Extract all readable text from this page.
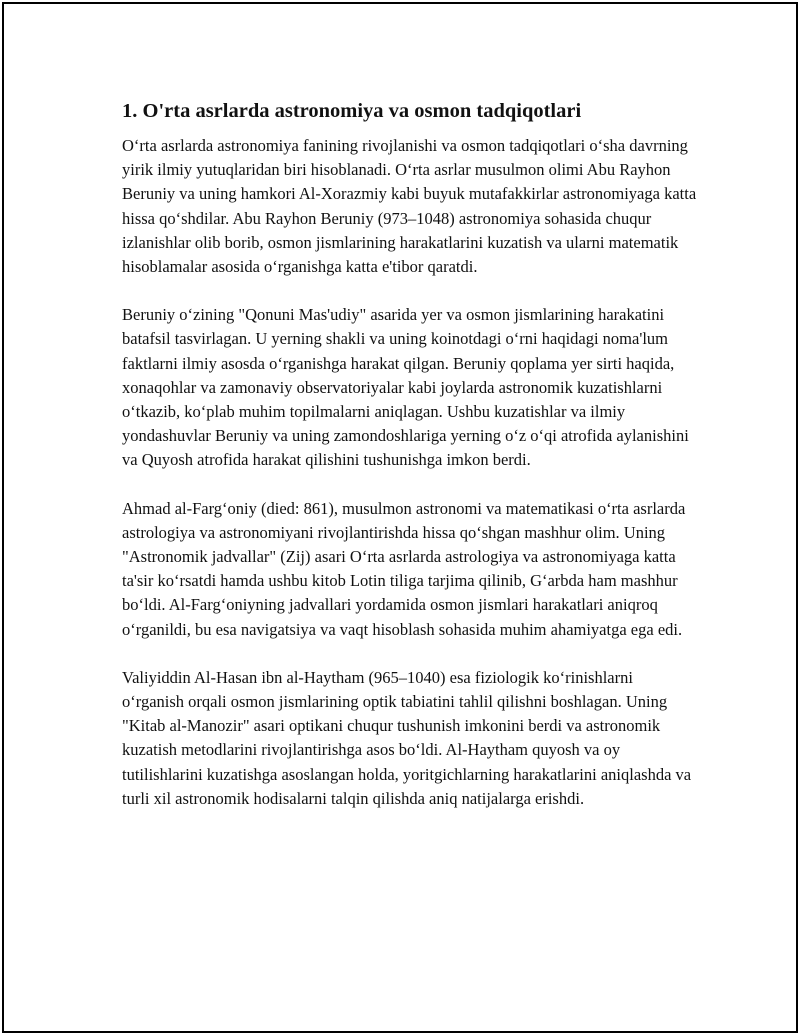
1. O'rta asrlarda astronomiya va osmon tadqiqotlari

O‘rta asrlarda astronomiya fanining rivojlanishi va osmon tadqiqotlari o‘sha davrning yirik ilmiy yutuqlaridan biri hisoblanadi. O‘rta asrlar musulmon olimi Abu Rayhon Beruniy va uning hamkori Al-Xorazmiy kabi buyuk mutafakkirlar astronomiyaga katta hissa qo‘shdilar. Abu Rayhon Beruniy (973–1048) astronomiya sohasida chuqur izlanishlar olib borib, osmon jismlarining harakatlarini kuzatish va ularni matematik hisoblamalar asosida o‘rganishga katta e'tibor qaratdi.

Beruniy o‘zining "Qonuni Mas'udiy" asarida yer va osmon jismlarining harakatini batafsil tasvirlagan. U yerning shakli va uning koinotdagi o‘rni haqidagi noma'lum faktlarni ilmiy asosda o‘rganishga harakat qilgan. Beruniy qoplama yer sirti haqida, xonaqohlar va zamonaviy observatoriyalar kabi joylarda astronomik kuzatishlarni o‘tkazib, ko‘plab muhim topilmalarni aniqlagan. Ushbu kuzatishlar va ilmiy yondashuvlar Beruniy va uning zamondoshlariga yerning o‘z o‘qi atrofida aylanishini va Quyosh atrofida harakat qilishini tushunishga imkon berdi.

Ahmad al-Farg‘oniy (died: 861), musulmon astronomi va matematikasi o‘rta asrlarda astrologiya va astronomiyani rivojlantirishda hissa qo‘shgan mashhur olim. Uning "Astronomik jadvallar" (Zij) asari O‘rta asrlarda astrologiya va astronomiyaga katta ta'sir ko‘rsatdi hamda ushbu kitob Lotin tiliga tarjima qilinib, G‘arbda ham mashhur bo‘ldi. Al-Farg‘oniyning jadvallari yordamida osmon jismlari harakatlari aniqroq o‘rganildi, bu esa navigatsiya va vaqt hisoblash sohasida muhim ahamiyatga ega edi.

Valiyiddin Al-Hasan ibn al-Haytham (965–1040) esa fiziologik ko‘rinishlarni o‘rganish orqali osmon jismlarining optik tabiatini tahlil qilishni boshlagan. Uning "Kitab al-Manozir" asari optikani chuqur tushunish imkonini berdi va astronomik kuzatish metodlarini rivojlantirishga asos bo‘ldi. Al-Haytham quyosh va oy tutilishlarini kuzatishga asoslangan holda, yoritgichlarning harakatlarini aniqlashda va turli xil astronomik hodisalarni talqin qilishda aniq natijalarga erishdi.
